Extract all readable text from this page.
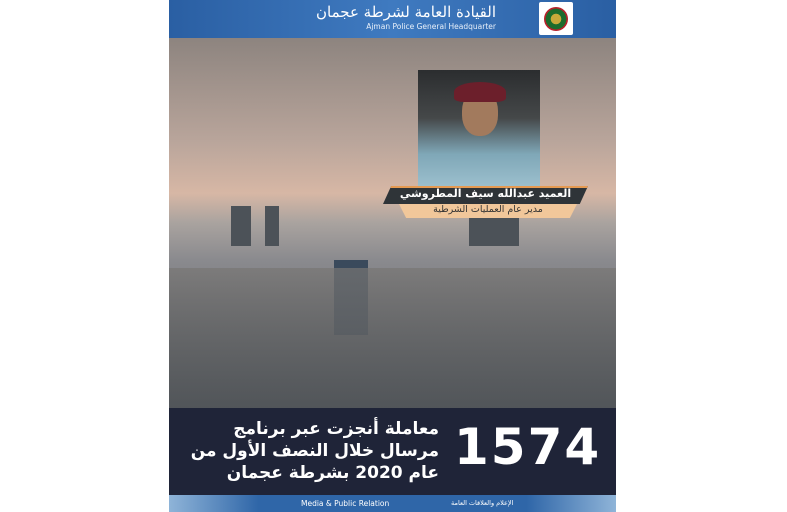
القيادة العامة لشرطة عجمان
Ajman Police General Headquarter
العميد عبدالله سيف المطروشي
مدير عام العمليات الشرطية
1574
معاملة أنجزت عبر برنامج
مرسال خلال النصف الأول من
عام 2020 بشرطة عجمان
Media & Public Relation	الإعلام والعلاقات العامة
